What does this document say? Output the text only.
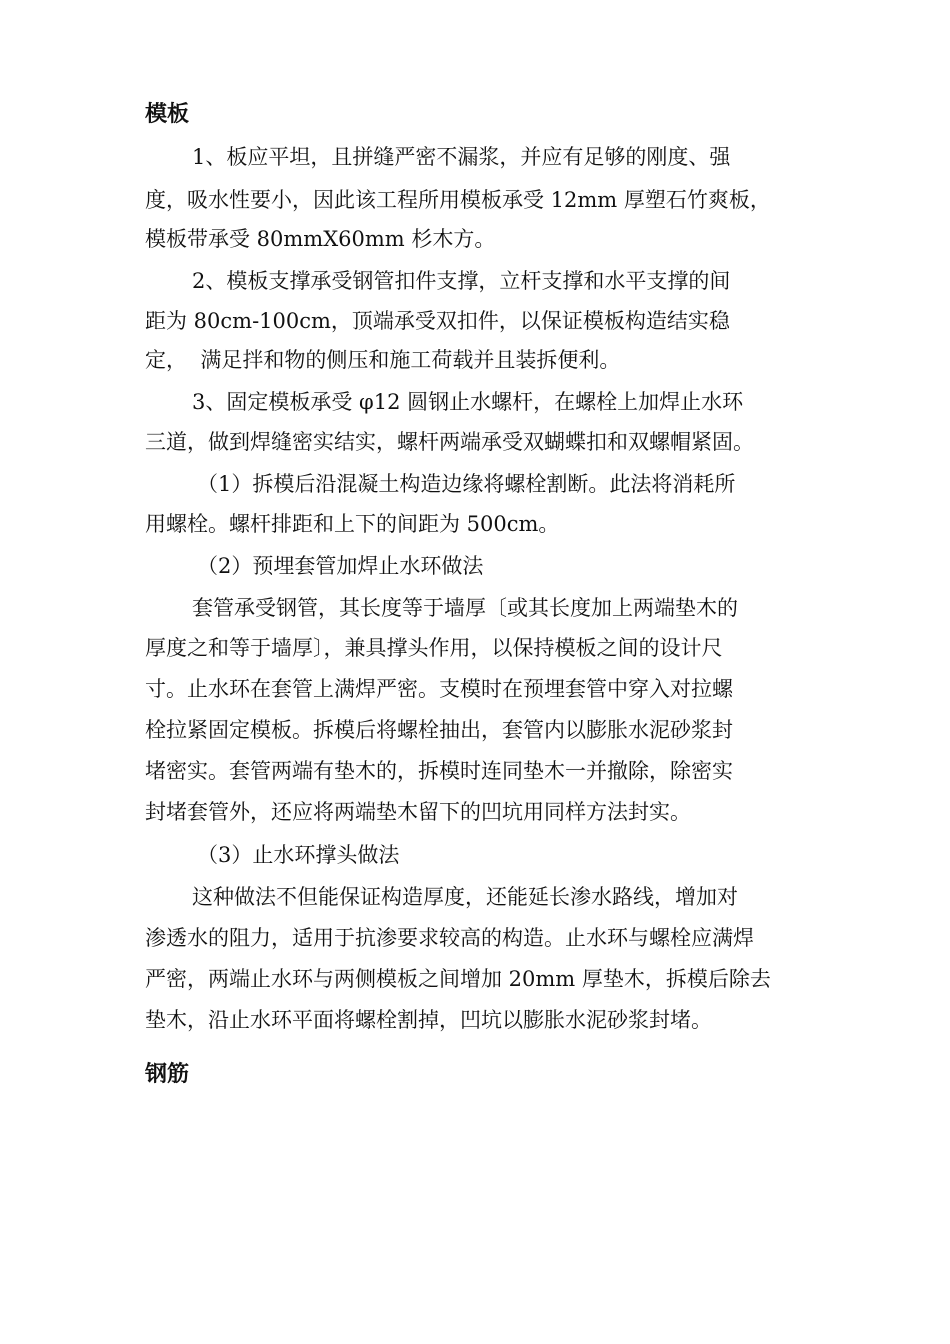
模板

1、板应平坦，且拼缝严密不漏浆，并应有足够的刚度、强

度，吸水性要小，因此该工程所用模板承受 12mm 厚塑石竹爽板，

模板带承受 80mmX60mm 杉木方。

2、模板支撑承受钢管扣件支撑，立杆支撑和水平支撑的间

距为 80cm-100cm，顶端承受双扣件，以保证模板构造结实稳

定，  满足拌和物的侧压和施工荷载并且装拆便利。

3、固定模板承受 φ12 圆钢止水螺杆，在螺栓上加焊止水环

三道，做到焊缝密实结实，螺杆两端承受双蝴蝶扣和双螺帽紧固。

（1）拆模后沿混凝土构造边缘将螺栓割断。此法将消耗所

用螺栓。螺杆排距和上下的间距为 500cm。

（2）预埋套管加焊止水环做法

套管承受钢管，其长度等于墙厚〔或其长度加上两端垫木的

厚度之和等于墙厚〕，兼具撑头作用，以保持模板之间的设计尺

寸。止水环在套管上满焊严密。支模时在预埋套管中穿入对拉螺

栓拉紧固定模板。拆模后将螺栓抽出，套管内以膨胀水泥砂浆封

堵密实。套管两端有垫木的，拆模时连同垫木一并撤除，除密实

封堵套管外，还应将两端垫木留下的凹坑用同样方法封实。

（3）止水环撑头做法

这种做法不但能保证构造厚度，还能延长渗水路线，增加对

渗透水的阻力，适用于抗渗要求较高的构造。止水环与螺栓应满焊

严密，两端止水环与两侧模板之间增加 20mm 厚垫木，拆模后除去

垫木，沿止水环平面将螺栓割掉，凹坑以膨胀水泥砂浆封堵。

钢筋
